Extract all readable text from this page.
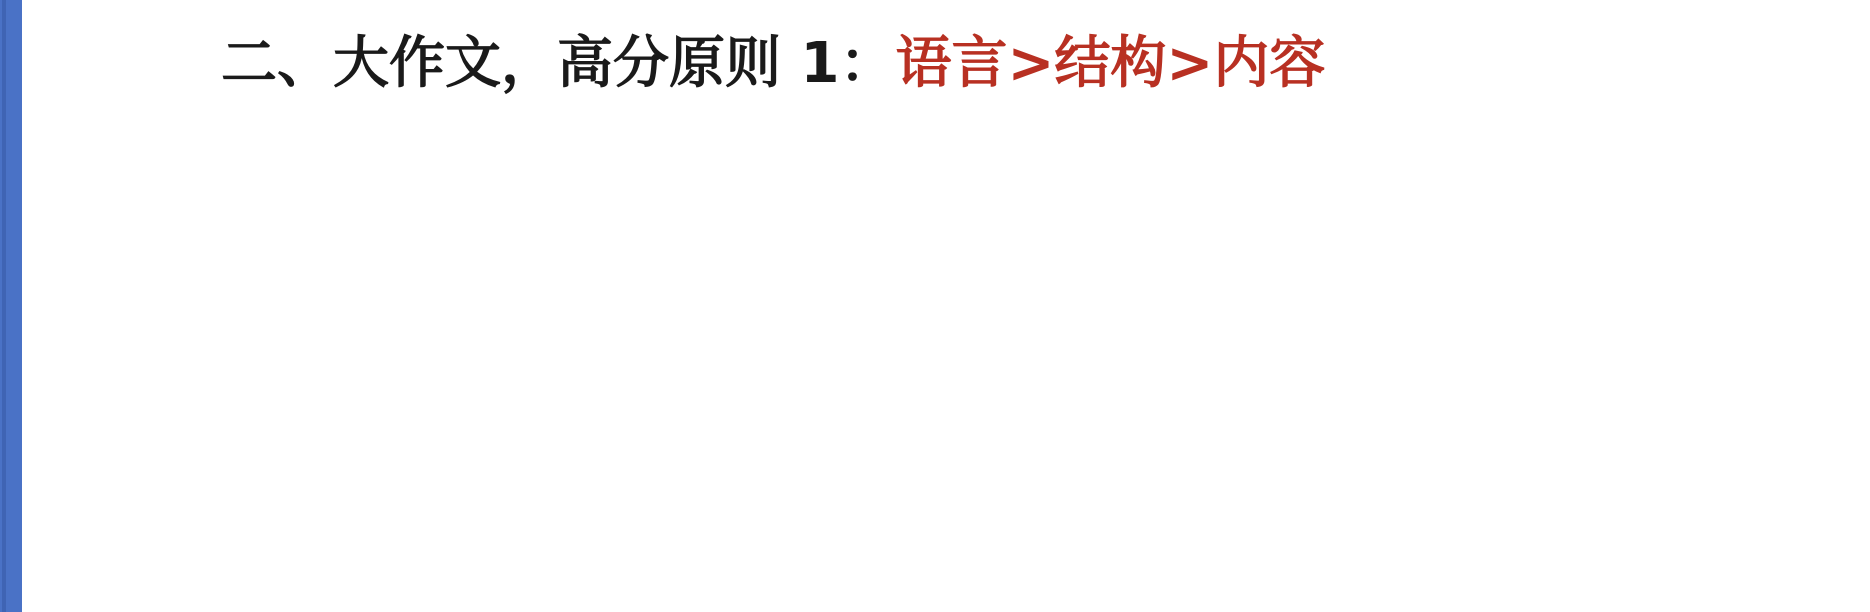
二、大作文，高分原则 1：语言>结构>内容
